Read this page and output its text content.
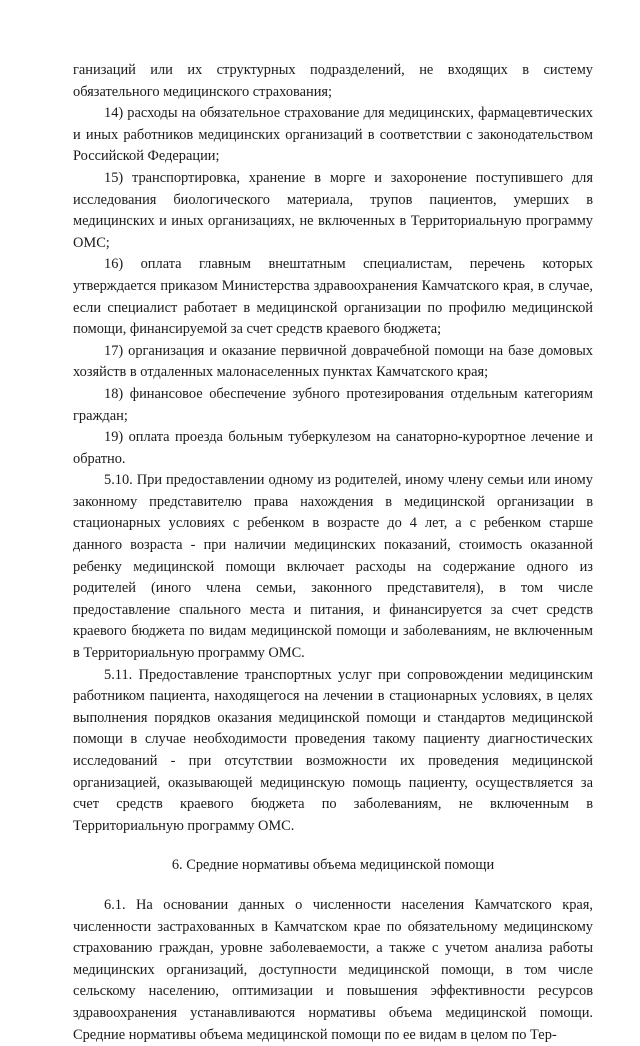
ганизаций или их структурных подразделений, не входящих в систему обязательного медицинского страхования;

14) расходы на обязательное страхование для медицинских, фармацевтических и иных работников медицинских организаций в соответствии с законодательством Российской Федерации;

15) транспортировка, хранение в морге и захоронение поступившего для исследования биологического материала, трупов пациентов, умерших в медицинских и иных организациях, не включенных в Территориальную программу ОМС;

16) оплата главным внештатным специалистам, перечень которых утверждается приказом Министерства здравоохранения Камчатского края, в случае, если специалист работает в медицинской организации по профилю медицинской помощи, финансируемой за счет средств краевого бюджета;

17) организация и оказание первичной доврачебной помощи на базе домовых хозяйств в отдаленных малонаселенных пунктах Камчатского края;

18) финансовое обеспечение зубного протезирования отдельным категориям граждан;

19) оплата проезда больным туберкулезом на санаторно-курортное лечение и обратно.

5.10. При предоставлении одному из родителей, иному члену семьи или иному законному представителю права нахождения в медицинской организации в стационарных условиях с ребенком в возрасте до 4 лет, а с ребенком старше данного возраста - при наличии медицинских показаний, стоимость оказанной ребенку медицинской помощи включает расходы на содержание одного из родителей (иного члена семьи, законного представителя), в том числе предоставление спального места и питания, и финансируется за счет средств краевого бюджета по видам медицинской помощи и заболеваниям, не включенным в Территориальную программу ОМС.

5.11. Предоставление транспортных услуг при сопровождении медицинским работником пациента, находящегося на лечении в стационарных условиях, в целях выполнения порядков оказания медицинской помощи и стандартов медицинской помощи в случае необходимости проведения такому пациенту диагностических исследований - при отсутствии возможности их проведения медицинской организацией, оказывающей медицинскую помощь пациенту, осуществляется за счет средств краевого бюджета по заболеваниям, не включенным в Территориальную программу ОМС.

6. Средние нормативы объема медицинской помощи

6.1. На основании данных о численности населения Камчатского края, численности застрахованных в Камчатском крае по обязательному медицинскому страхованию граждан, уровне заболеваемости, а также с учетом анализа работы медицинских организаций, доступности медицинской помощи, в том числе сельскому населению, оптимизации и повышения эффективности ресурсов здравоохранения устанавливаются нормативы объема медицинской помощи. Средние нормативы объема медицинской помощи по ее видам в целом по Тер-
